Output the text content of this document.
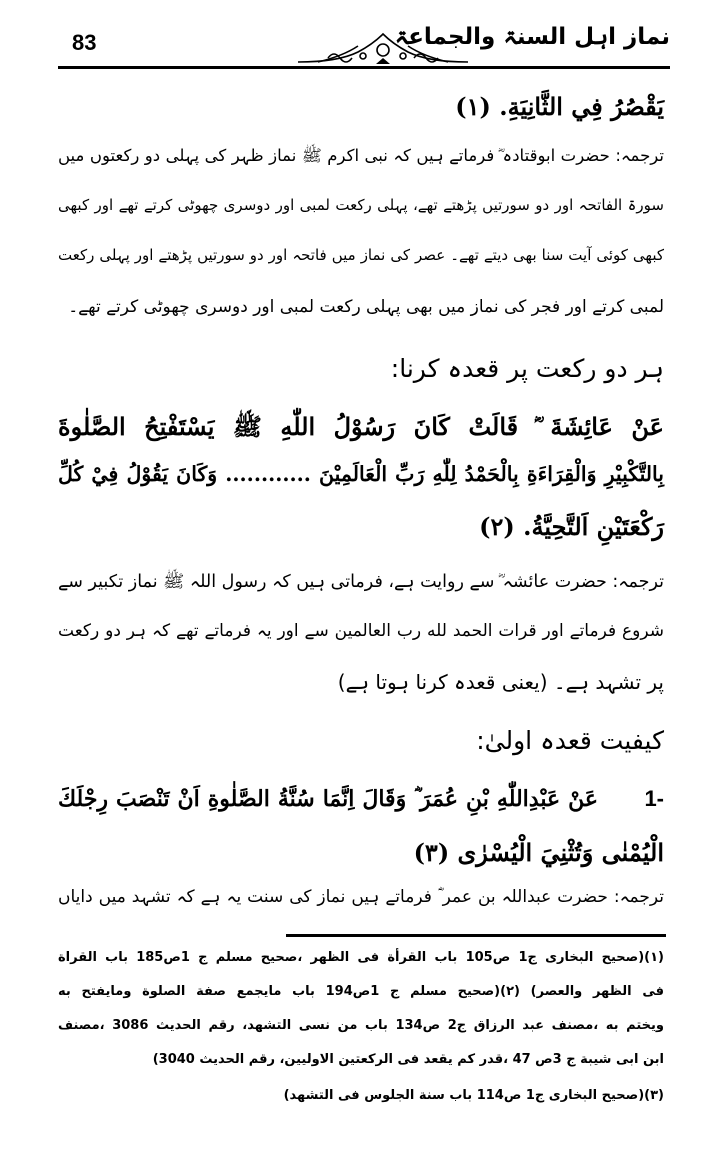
83	نماز اہل السنۃ والجماعۃ
يَقْصُرُ فِي الثَّانِيَةِ. (۱)
ترجمہ: حضرت ابوقتادہ ؓ فرماتے ہیں کہ نبی اکرم ﷺ نماز ظہر کی پہلی دو رکعتوں میں
سورۃ الفاتحہ اور دو سورتیں پڑھتے تھے، پہلی رکعت لمبی اور دوسری چھوٹی کرتے تھے اور کبھی
کبھی کوئی آیت سنا بھی دیتے تھے۔ عصر کی نماز میں فاتحہ اور دو سورتیں پڑھتے اور پہلی رکعت
لمبی کرتے اور فجر کی نماز میں بھی پہلی رکعت لمبی اور دوسری چھوٹی کرتے تھے۔
ہر دو رکعت پر قعدہ کرنا:
عَنْ عَائِشَةَ ؓ قَالَتْ كَانَ رَسُوْلُ اللّٰهِ ﷺ يَسْتَفْتِحُ الصَّلٰوةَ
بِالتَّكْبِيْرِ وَالْقِرَاءَةِ بِالْحَمْدُ لِلّٰهِ رَبِّ الْعَالَمِيْنَ ............ وَكَانَ يَقُوْلُ فِيْ كُلِّ
رَكْعَتَيْنِ اَلتَّحِيَّةُ. (۲)
ترجمہ: حضرت عائشہ ؓ سے روایت ہے، فرماتی ہیں کہ رسول اللہ ﷺ نماز تکبیر سے
شروع فرماتے اور قرات الحمد لله رب العالمين سے اور یہ فرماتے تھے کہ ہر دو رکعت
پر تشہد ہے۔ (یعنی قعدہ کرنا ہوتا ہے)
کیفیت قعدہ اولیٰ:
عَنْ عَبْدِاللّٰهِ بْنِ عُمَرَ ؓ وَقَالَ اِنَّمَا سُنَّةُ الصَّلٰوةِ اَنْ تَنْصَبَ رِجْلَكَ 1-
الْيُمْنٰى وَتُثْنِيَ الْيُسْرٰى (۳)
ترجمہ: حضرت عبداللہ بن عمر ؓ فرماتے ہیں نماز کی سنت یہ ہے کہ تشہد میں دایاں
(۱)(صحيح البخاری ج1 ص105 باب القرأة فی الظهر ،صحيح مسلم ج 1ص185 باب القراة
فی الظهر والعصر) (۲)(صحيح مسلم ج 1ص194 باب مايجمع صفة الصلوة ومايفتح به
ويختم به ،مصنف عبد الرزاق ج2 ص134 باب من نسی التشهد، رقم الحديث 3086 ،مصنف
ابن ابی شيبة ج 3ص 47 ،قدر كم يقعد فی الركعتين الاوليين، رقم الحديث 3040)
(۳)(صحيح البخاری ج1 ص114 باب سنة الجلوس فی التشهد)
